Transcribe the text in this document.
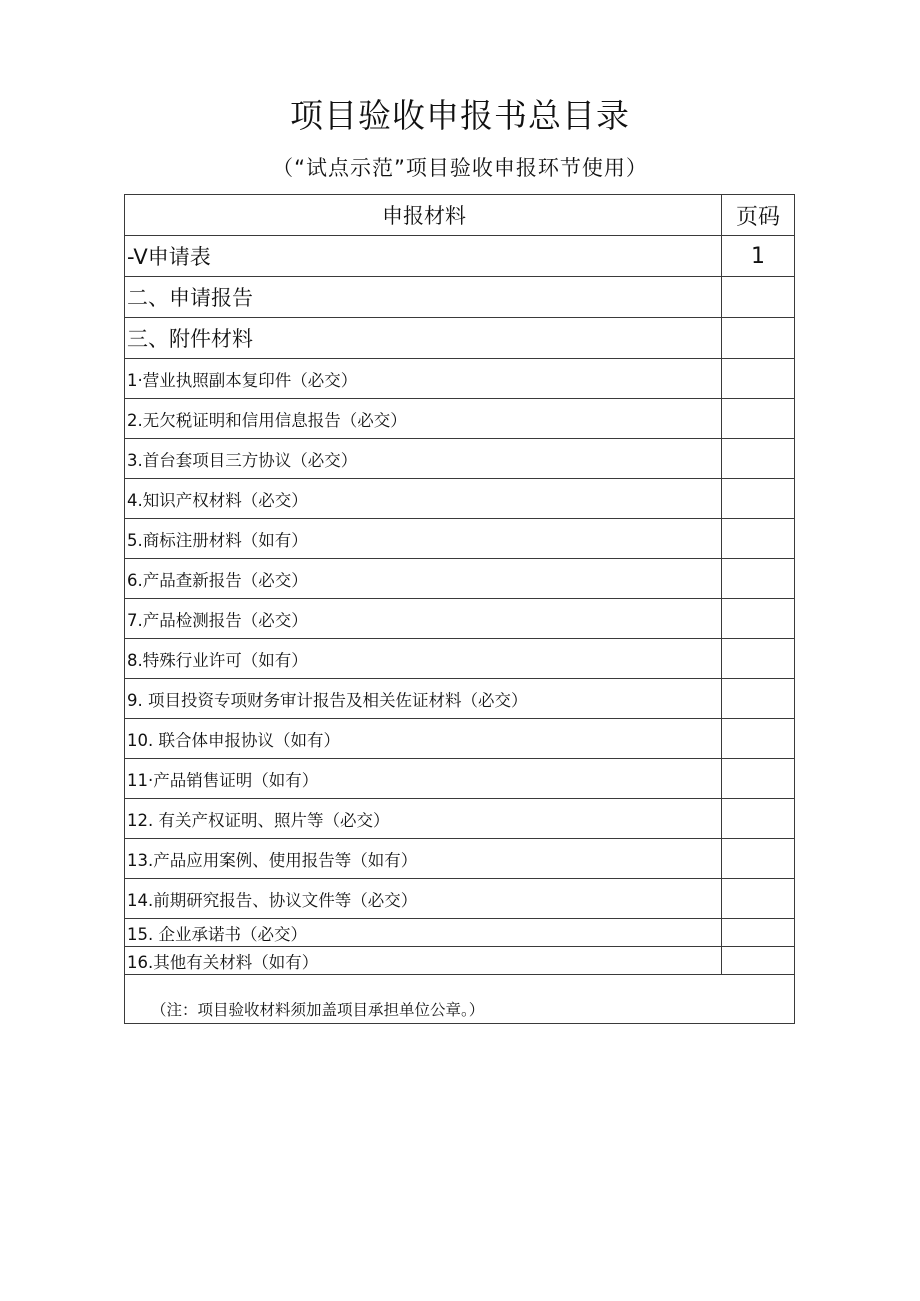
项目验收申报书总目录
（“试点示范”项目验收申报环节使用）
申报材料	页码
-V申请表	1
二、申请报告	
三、附件材料	
1·营业执照副本复印件（必交）	
2.无欠税证明和信用信息报告（必交）	
3.首台套项目三方协议（必交）	
4.知识产权材料（必交）	
5.商标注册材料（如有）	
6.产品查新报告（必交）	
7.产品检测报告（必交）	
8.特殊行业许可（如有）	
9. 项目投资专项财务审计报告及相关佐证材料（必交）	
10. 联合体申报协议（如有）	
11·产品销售证明（如有）	
12. 有关产权证明、照片等（必交）	
13.产品应用案例、使用报告等（如有）	
14.前期研究报告、协议文件等（必交）	
15. 企业承诺书（必交）	
16.其他有关材料（如有）	
（注：项目验收材料须加盖项目承担单位公章。）	
